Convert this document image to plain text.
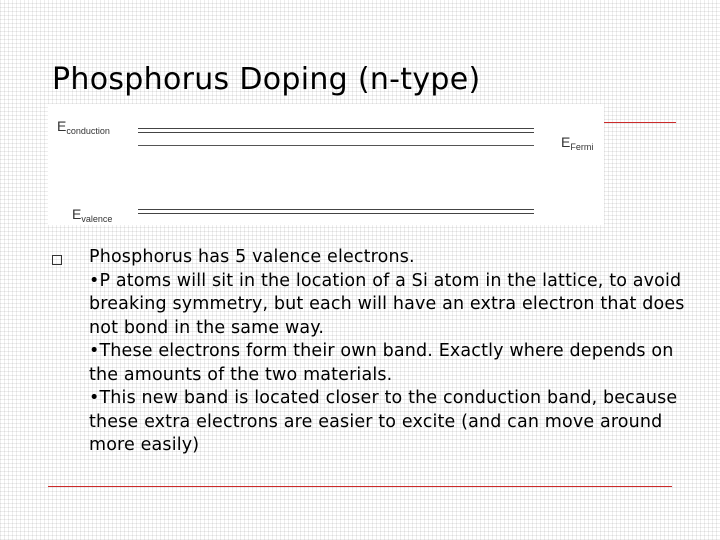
Phosphorus Doping (n-type)
$E_{conduction}$
$E_{Fermi}$
$E_{valence}$

Phosphorus has 5 valence electrons.

•P atoms will sit in the location of a Si atom in the lattice, to avoid breaking symmetry, but each will have an extra electron that does not bond in the same way.

•These electrons form their own band. Exactly where depends on the amounts of the two materials.

•This new band is located closer to the conduction band, because these extra electrons are easier to excite (and can move around more easily)
